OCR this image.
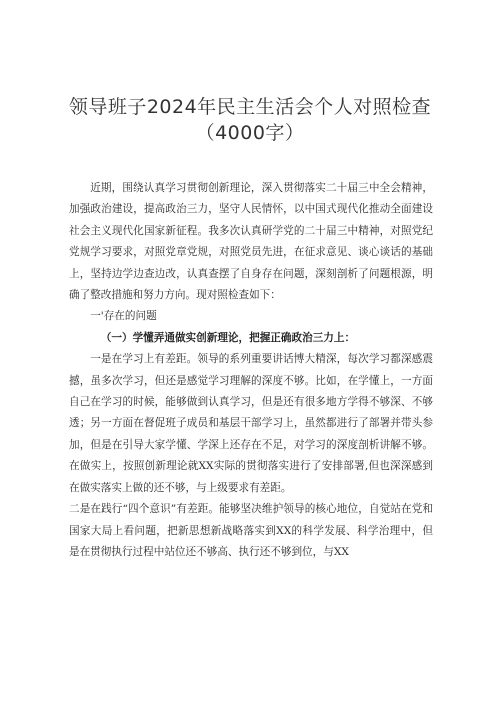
领导班子2024年民主生活会个人对照检查
（4000字）

近期，围绕认真学习贯彻创新理论，深入贯彻落实二十届三中全会精神，加强政治建设，提高政治三力，坚守人民情怀，以中国式现代化推动全面建设社会主义现代化国家新征程。我多次认真研学党的二十届三中精神，对照党纪党规学习要求，对照党章党规，对照党员先进，在征求意见、谈心谈话的基础上，坚持边学边查边改，认真查摆了自身存在问题，深刻剖析了问题根源，明确了整改措施和努力方向。现对照检查如下：

一'存在的问题

（一）学懂弄通做实创新理论，把握正确政治三力上：

一是在学习上有差距。领导的系列重要讲话博大精深，每次学习都深感震撼，虽多次学习，但还是感觉学习理解的深度不够。比如，在学懂上，一方面自己在学习的时候，能够做到认真学习，但是还有很多地方学得不够深、不够透；另一方面在督促班子成员和基层干部学习上，虽然都进行了部署并带头参加，但是在引导大家学懂、学深上还存在不足，对学习的深度剖析讲解不够。在做实上，按照创新理论就XX实际的贯彻落实进行了安排部署,但也深深感到在做实落实上做的还不够，与上级要求有差距。

二是在践行“四个意识”有差距。能够坚决维护领导的核心地位，自觉站在党和国家大局上看问题，把新思想新战略落实到XX的科学发展、科学治理中，但是在贯彻执行过程中站位还不够高、执行还不够到位，与XX
